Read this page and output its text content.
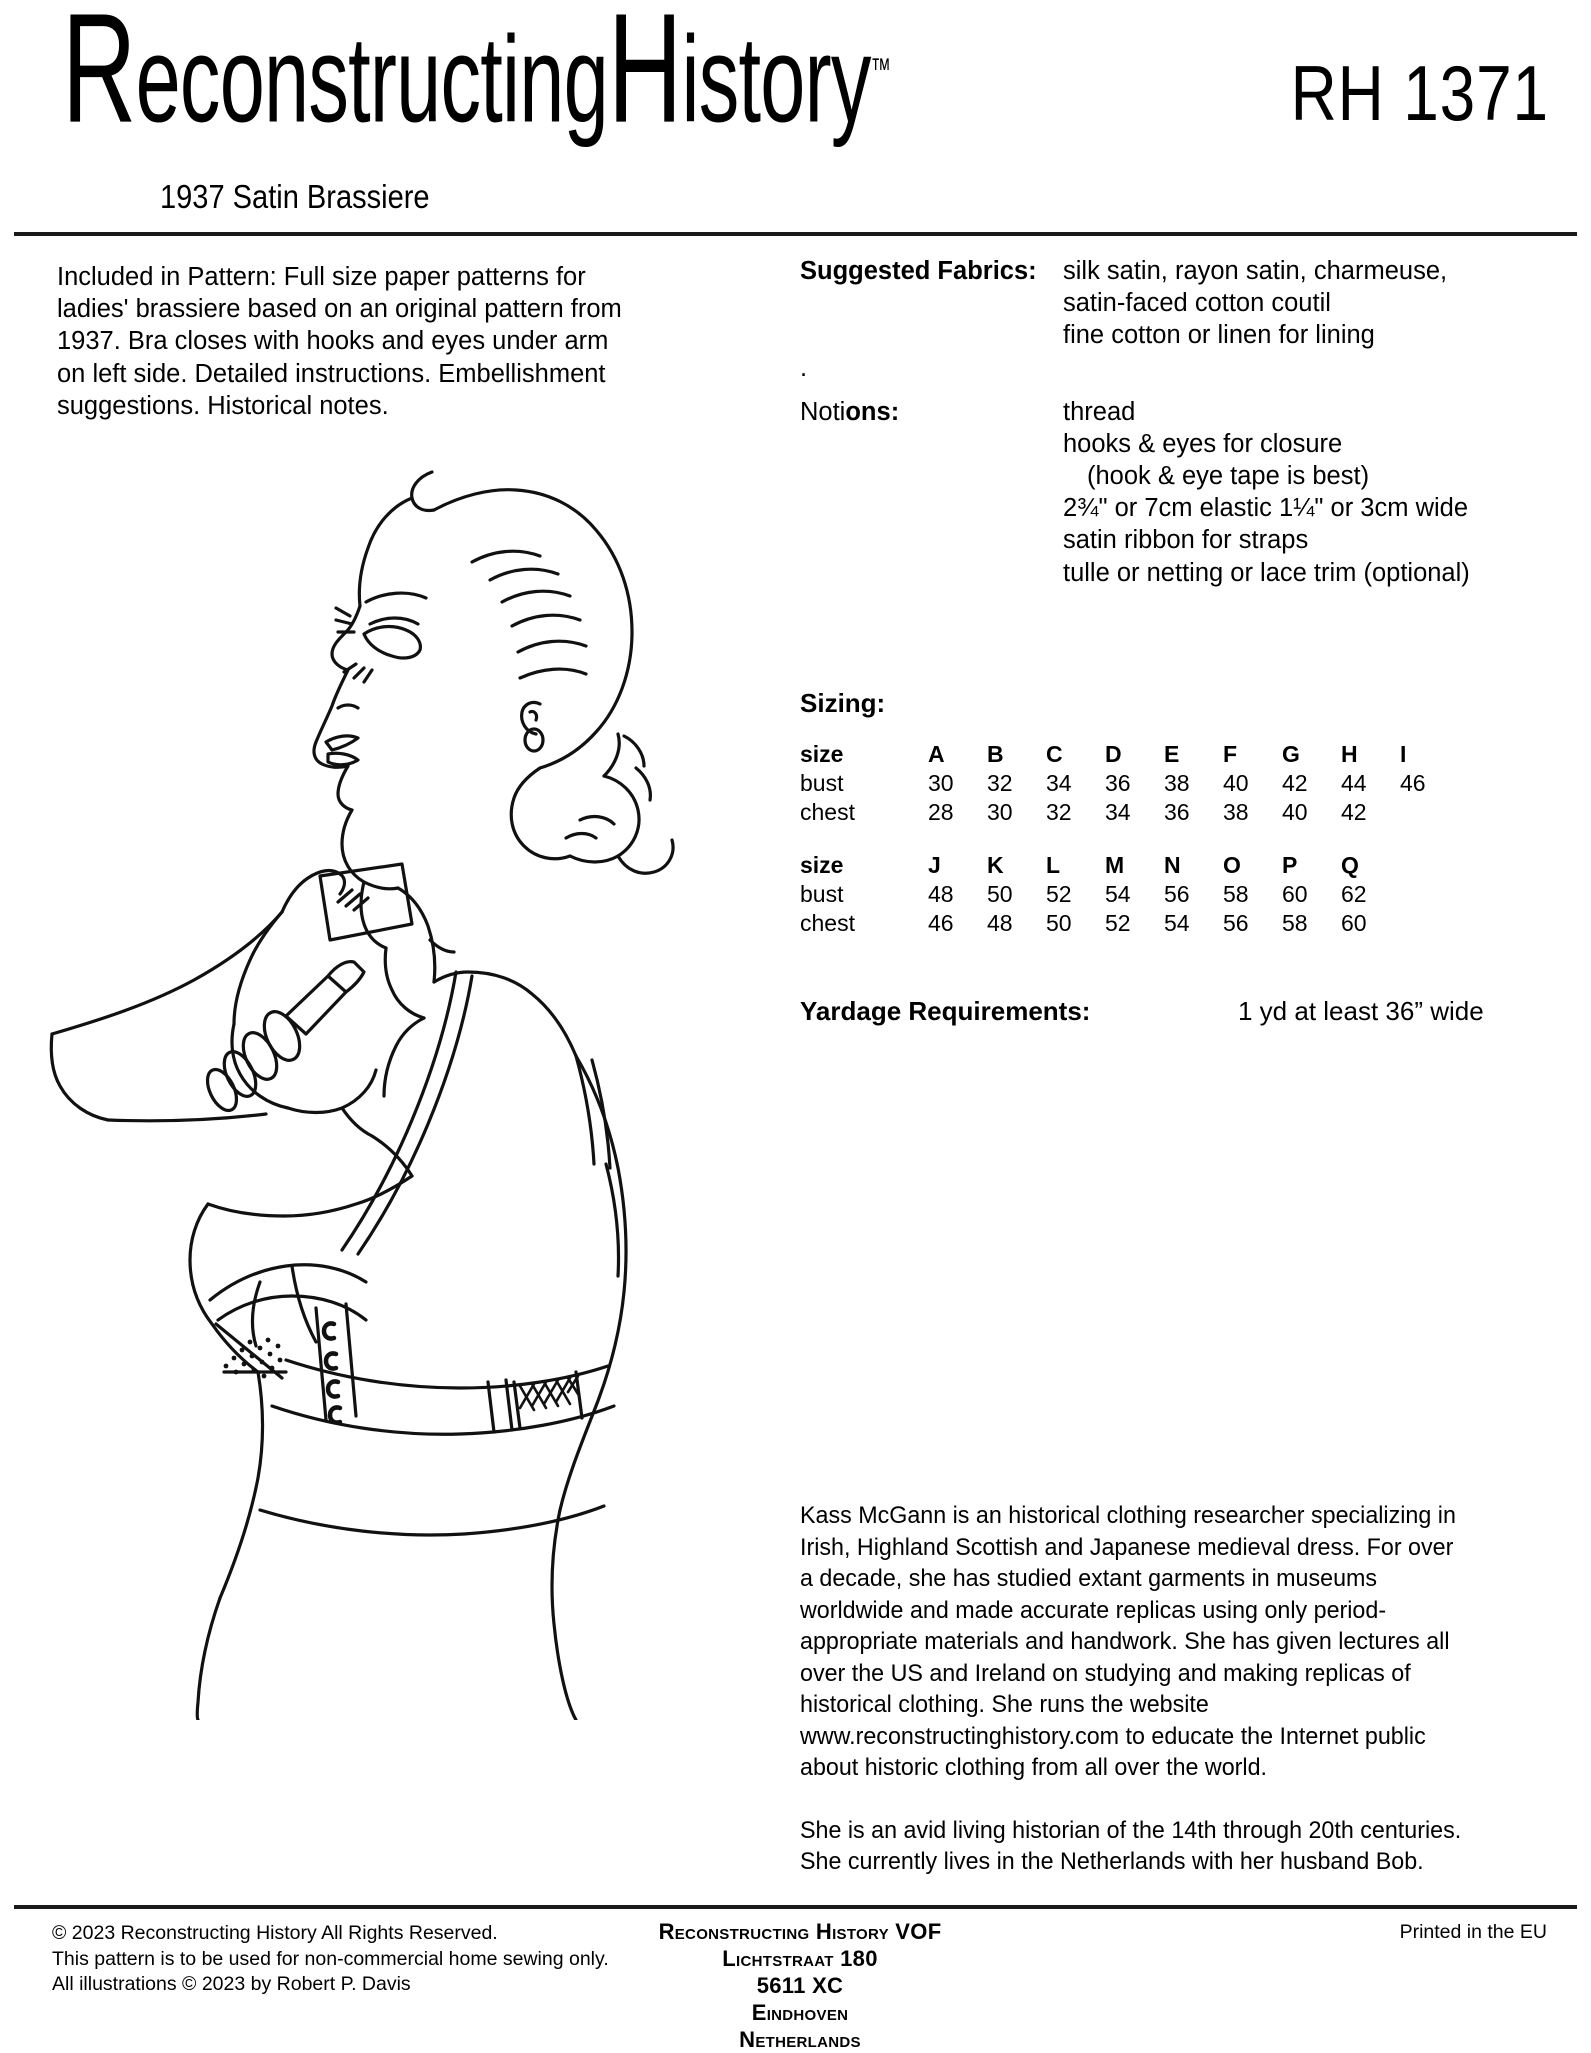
ReconstructingHistory™	RH 1371
1937 Satin Brassiere
Included in Pattern: Full size paper patterns for ladies' brassiere based on an original pattern from 1937. Bra closes with hooks and eyes under arm on left side. Detailed instructions. Embellishment suggestions. Historical notes.
Suggested Fabrics:	silk satin, rayon satin, charmeuse,
satin-faced cotton coutil
fine cotton or linen for lining
.
Notions:	thread
hooks & eyes for closure
(hook & eye tape is best)
2¾" or 7cm elastic 1¼" or 3cm wide
satin ribbon for straps
tulle or netting or lace trim (optional)
Sizing:
size	A	B	C	D	E	F	G	H	I
bust	30	32	34	36	38	40	42	44	46
chest	28	30	32	34	36	38	40	42	
size	J	K	L	M	N	O	P	Q
bust	48	50	52	54	56	58	60	62
chest	46	48	50	52	54	56	58	60
Yardage Requirements:	1 yd at least 36” wide

Kass McGann is an historical clothing researcher specializing in Irish, Highland Scottish and Japanese medieval dress. For over a decade, she has studied extant garments in museums worldwide and made accurate replicas using only period-appropriate materials and handwork. She has given lectures all over the US and Ireland on studying and making replicas of historical clothing. She runs the website www.reconstructinghistory.com to educate the Internet public about historic clothing from all over the world.

She is an avid living historian of the 14th through 20th centuries. She currently lives in the Netherlands with her husband Bob.

© 2023 Reconstructing History All Rights Reserved.
This pattern is to be used for non-commercial home sewing only.
All illustrations © 2023 by Robert P. Davis
Reconstructing History VOF
Lichtstraat 180
5611 XC
Eindhoven
Netherlands
Printed in the EU
